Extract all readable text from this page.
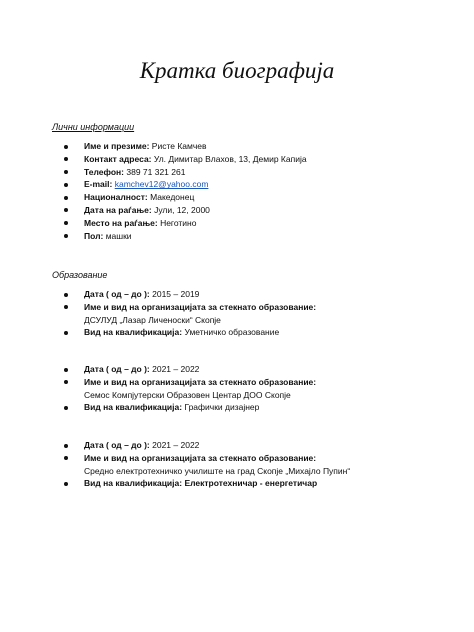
Кратка биографија
Лични информации
Име и презиме: Ристе Камчев
Контакт адреса: Ул. Димитар Влахов, 13, Демир Капија
Телефон: 389 71 321 261
E-mail: kamchev12@yahoo.com
Националност: Македонец
Дата на раѓање: Јули, 12, 2000
Место на раѓање: Неготино
Пол: машки
Образование
Дата ( од – до ): 2015 – 2019
Име и вид на организацијата за стекнато образование:
ДСУЛУД „Лазар Личеноски“ Скопје
Вид на квалификација: Уметничко образование
Дата ( од – до ): 2021 – 2022
Име и вид на организацијата за стекнато образование:
Семос Компјутерски Образовен Центар ДОО Скопје
Вид на квалификација: Графички дизајнер
Дата ( од – до ): 2021 – 2022
Име и вид на организацијата за стекнато образование:
Средно електротехничко училиште на град Скопје „Михајло Пупин“
Вид на квалификација: Електротехничар - енергетичар
